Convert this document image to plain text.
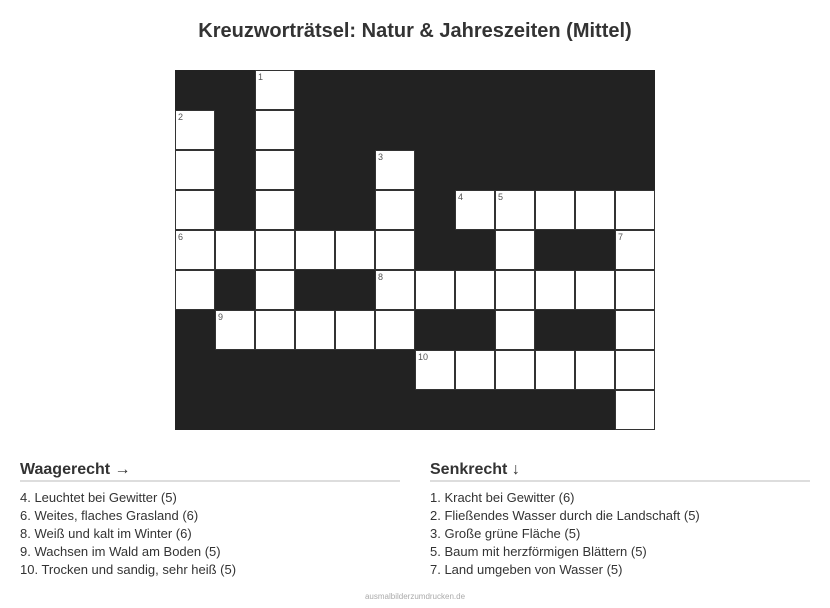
Kreuzworträtsel: Natur & Jahreszeiten (Mittel)
1
2
3
4	5
6	7
8
9
10
Waagerecht →
4. Leuchtet bei Gewitter (5)
6. Weites, flaches Grasland (6)
8. Weiß und kalt im Winter (6)
9. Wachsen im Wald am Boden (5)
10. Trocken und sandig, sehr heiß (5)
Senkrecht ↓
1. Kracht bei Gewitter (6)
2. Fließendes Wasser durch die Landschaft (5)
3. Große grüne Fläche (5)
5. Baum mit herzförmigen Blättern (5)
7. Land umgeben von Wasser (5)
ausmalbilderzumdrucken.de
